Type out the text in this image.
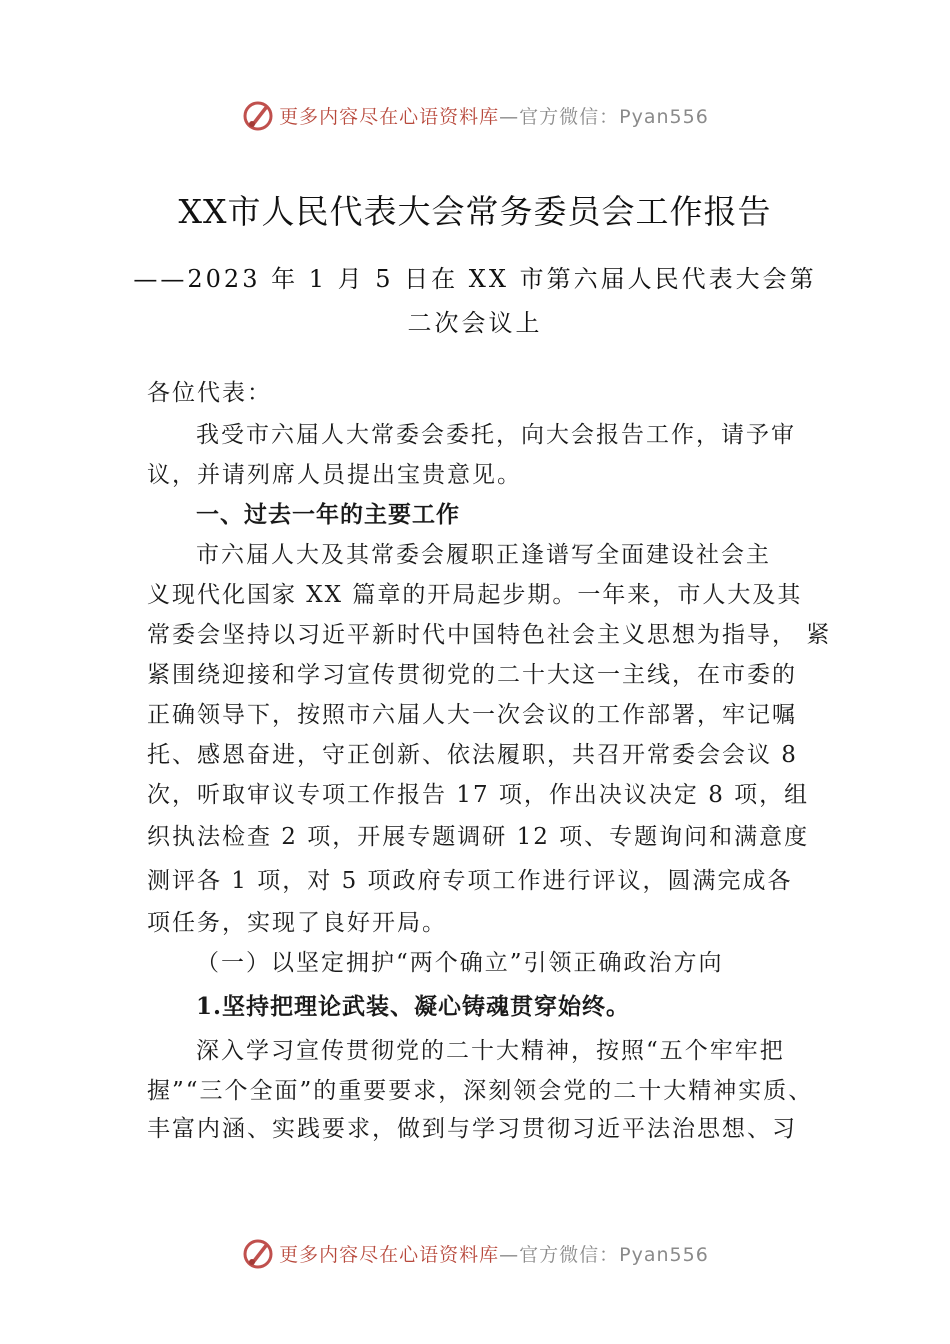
更多内容尽在心语资料库 —官方微信：Pyan556
XX市人民代表大会常务委员会工作报告
——2023 年 1 月 5 日在 XX 市第六届人民代表大会第
二次会议上
各位代表：
我受市六届人大常委会委托，向大会报告工作，请予审
议，并请列席人员提出宝贵意见。
一、过去一年的主要工作
市六届人大及其常委会履职正逢谱写全面建设社会主
义现代化国家 XX 篇章的开局起步期。一年来，市人大及其
常委会坚持以习近平新时代中国特色社会主义思想为指导， 紧
紧围绕迎接和学习宣传贯彻党的二十大这一主线，在市委的
正确领导下，按照市六届人大一次会议的工作部署，牢记嘱
托、感恩奋进，守正创新、依法履职，共召开常委会会议 8
次，听取审议专项工作报告 17 项，作出决议决定 8 项，组
织执法检查 2 项，开展专题调研 12 项、专题询问和满意度
测评各 1 项，对 5 项政府专项工作进行评议，圆满完成各
项任务，实现了良好开局。
（一）以坚定拥护“两个确立”引领正确政治方向
1.坚持把理论武装、凝心铸魂贯穿始终。
深入学习宣传贯彻党的二十大精神，按照“五个牢牢把
握”“三个全面”的重要要求，深刻领会党的二十大精神实质、
丰富内涵、实践要求，做到与学习贯彻习近平法治思想、习
更多内容尽在心语资料库 —官方微信：Pyan556
